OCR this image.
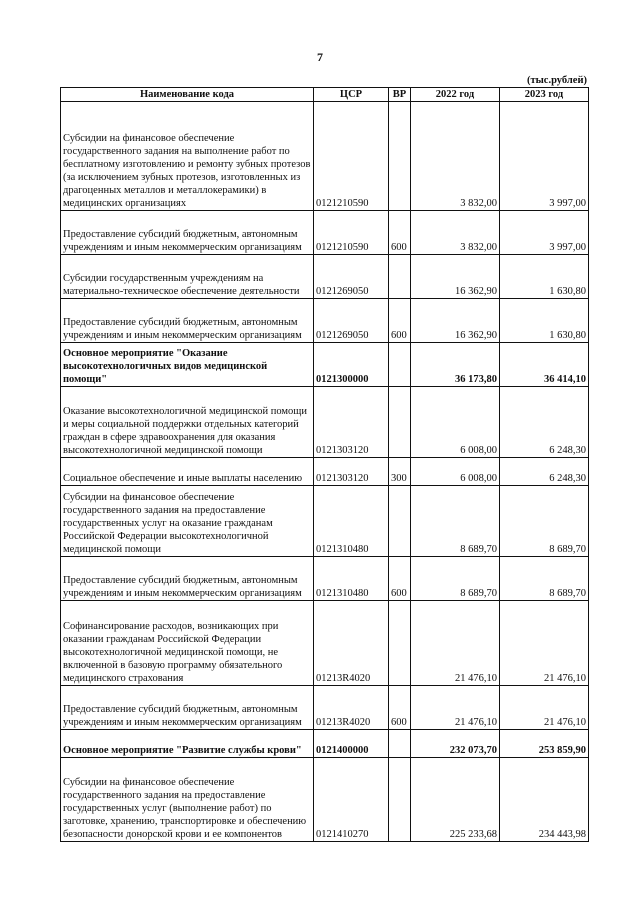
7
(тыс.рублей)
Наименование кода	ЦСР	ВР	2022 год	2023 год
Субсидии на финансовое обеспечение государственного задания на выполнение работ по бесплатному изготовлению и ремонту зубных протезов (за исключением зубных протезов, изготовленных из драгоценных металлов и металлокерамики) в медицинских организациях	0121210590		3 832,00	3 997,00
Предоставление субсидий бюджетным, автономным учреждениям и иным некоммерческим организациям	0121210590	600	3 832,00	3 997,00
Субсидии государственным учреждениям на материально-техническое обеспечение деятельности	0121269050		16 362,90	1 630,80
Предоставление субсидий бюджетным, автономным учреждениям и иным некоммерческим организациям	0121269050	600	16 362,90	1 630,80
Основное мероприятие "Оказание высокотехнологичных видов медицинской помощи"	0121300000		36 173,80	36 414,10
Оказание высокотехнологичной медицинской помощи и меры социальной поддержки отдельных категорий граждан в сфере здравоохранения для оказания высокотехнологичной медицинской помощи	0121303120		6 008,00	6 248,30
Социальное обеспечение и иные выплаты населению	0121303120	300	6 008,00	6 248,30
Субсидии на финансовое обеспечение государственного задания на предоставление государственных услуг на оказание гражданам Российской Федерации высокотехнологичной медицинской помощи	0121310480		8 689,70	8 689,70
Предоставление субсидий бюджетным, автономным учреждениям и иным некоммерческим организациям	0121310480	600	8 689,70	8 689,70
Софинансирование расходов, возникающих при оказании гражданам Российской Федерации высокотехнологичной медицинской помощи, не включенной в базовую программу обязательного медицинского страхования	01213R4020		21 476,10	21 476,10
Предоставление субсидий бюджетным, автономным учреждениям и иным некоммерческим организациям	01213R4020	600	21 476,10	21 476,10
Основное мероприятие "Развитие службы крови"	0121400000		232 073,70	253 859,90
Субсидии на финансовое обеспечение государственного задания на предоставление государственных услуг (выполнение работ) по заготовке, хранению, транспортировке и обеспечению безопасности донорской крови и ее компонентов	0121410270		225 233,68	234 443,98
